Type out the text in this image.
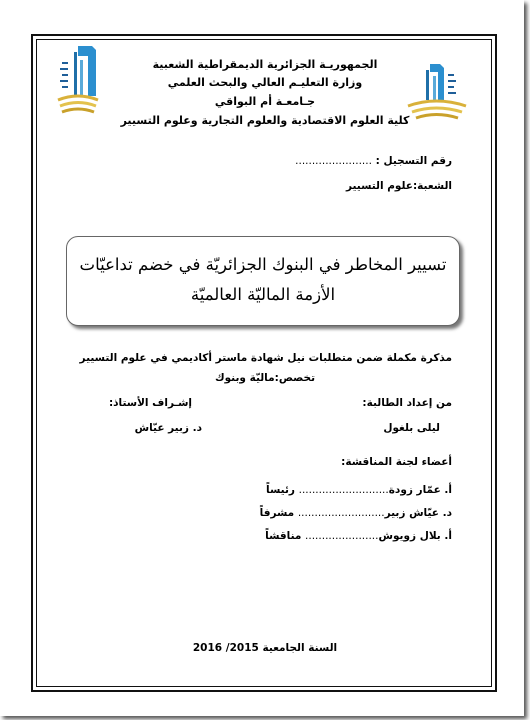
الجمهوريـة الجزائرية الديمقراطية الشعبية
وزارة التعليـم العالي والبحث العلمي
جـامعـة أم البواقي
كلية العلوم الاقتصادية والعلوم التجارية وعلوم التسيير
رقم التسجيل : .......................
الشعبة:علوم التسيير
تسيير المخاطر في البنوك الجزائريّة في خضم تداعيّات
الأزمة الماليّة العالميّة
مذكرة مكملة ضمن متطلبات نيل شهادة ماستر أكاديمي في علوم التسيير
تخصص:ماليّة وبنوك
من إعداد الطالبة:
إشـراف الأستاذ:
ليلى بلغول
د. زبير عيّاش
أعضاء لجنة المناقشة:
أ. عمّار زودة........................... رئيساً
د. عيّاش زبير.......................... مشرفاً
أ. بلال زويوش...................... مناقشاً
السنة الجامعية 2015/ 2016
